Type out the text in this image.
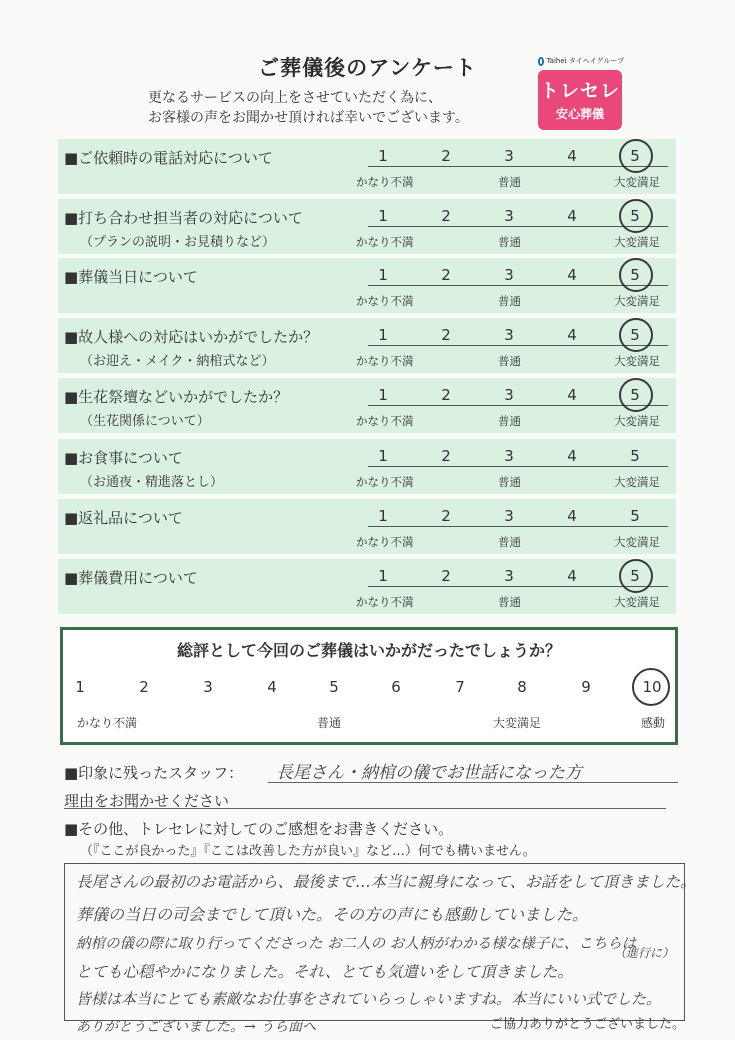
ご葬儀後のアンケート
更なるサービスの向上をさせていただく為に、
お客様の声をお聞かせ頂ければ幸いでございます。
Taihei タイヘイグループ
トレセレ
安心葬儀
■ご依頼時の電話対応について	1	2	3	4	5
かなり不満	普通	大変満足
■打ち合わせ担当者の対応について
（プランの説明・お見積りなど）
1	2	3	4	5
かなり不満	普通	大変満足
■葬儀当日について	1	2	3	4	5
かなり不満	普通	大変満足
■故人様への対応はいかがでしたか？
（お迎え・メイク・納棺式など）
1	2	3	4	5
かなり不満	普通	大変満足
■生花祭壇などいかがでしたか？
（生花関係について）
1	2	3	4	5
かなり不満	普通	大変満足
■お食事について
（お通夜・精進落とし）
1	2	3	4	5
かなり不満	普通	大変満足
■返礼品について	1	2	3	4	5
かなり不満	普通	大変満足
■葬儀費用について	1	2	3	4	5
かなり不満	普通	大変満足
総評として今回のご葬儀はいかがだったでしょうか？
1	2	3	4	5	6	7	8	9	10
かなり不満	普通	大変満足	感動
■印象に残ったスタッフ： 長尾さん・納棺の儀でお世話になった方
理由をお聞かせください
■その他、トレセレに対してのご感想をお書きください。
（『ここが良かった』『ここは改善した方が良い』など…）何でも構いません。
長尾さんの最初のお電話から、最後まで…本当に親身になって、お話をして頂きました。
葬儀の当日の司会までして頂いた。その方の声にも感動していました。
納棺の儀の際に取り行ってくださった お二人の お人柄がわかる様な様子に、こちらは
（進行に）
とても心穏やかになりました。それ、とても気遣いをして頂きました。
皆様は本当にとても素敵なお仕事をされていらっしゃいますね。本当にいい式でした。
ありがとうございました。→ うら面へ	ご協力ありがとうございました。
